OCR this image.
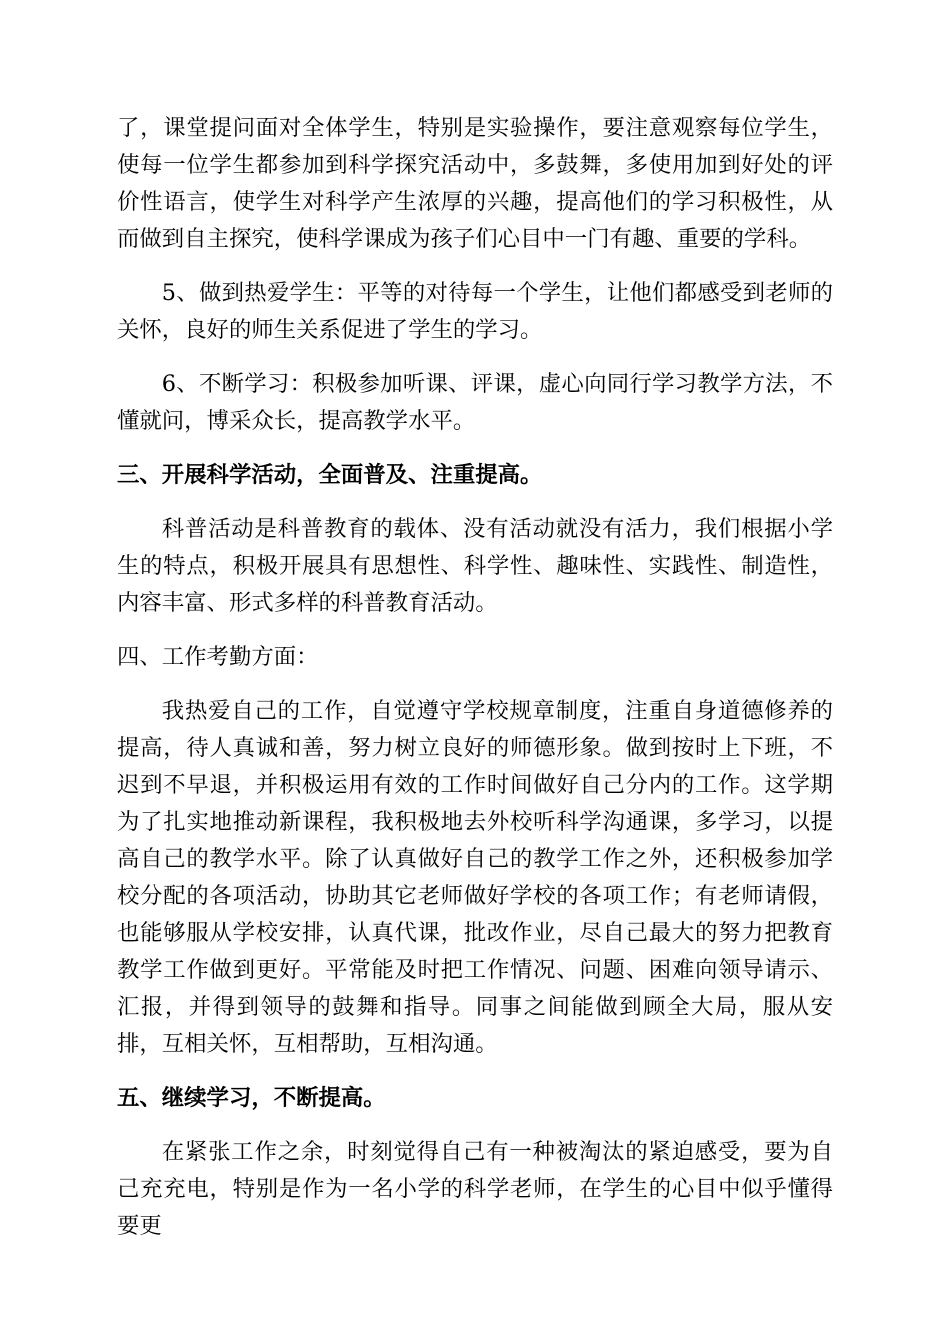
了，课堂提问面对全体学生，特别是实验操作，要注意观察每位学生，使每一位学生都参加到科学探究活动中，多鼓舞，多使用加到好处的评价性语言，使学生对科学产生浓厚的兴趣，提高他们的学习积极性，从而做到自主探究，使科学课成为孩子们心目中一门有趣、重要的学科。

5、做到热爱学生：平等的对待每一个学生，让他们都感受到老师的关怀，良好的师生关系促进了学生的学习。

6、不断学习：积极参加听课、评课，虚心向同行学习教学方法，不懂就问，博采众长，提高教学水平。

三、开展科学活动，全面普及、注重提高。

科普活动是科普教育的载体、没有活动就没有活力，我们根据小学生的特点，积极开展具有思想性、科学性、趣味性、实践性、制造性，内容丰富、形式多样的科普教育活动。

四、工作考勤方面：

我热爱自己的工作，自觉遵守学校规章制度，注重自身道德修养的提高，待人真诚和善，努力树立良好的师德形象。做到按时上下班，不迟到不早退，并积极运用有效的工作时间做好自己分内的工作。这学期为了扎实地推动新课程，我积极地去外校听科学沟通课，多学习，以提高自己的教学水平。除了认真做好自己的教学工作之外，还积极参加学校分配的各项活动，协助其它老师做好学校的各项工作；有老师请假，也能够服从学校安排，认真代课，批改作业，尽自己最大的努力把教育教学工作做到更好。平常能及时把工作情况、问题、困难向领导请示、汇报，并得到领导的鼓舞和指导。同事之间能做到顾全大局，服从安排，互相关怀，互相帮助，互相沟通。

五、继续学习，不断提高。

在紧张工作之余，时刻觉得自己有一种被淘汰的紧迫感受，要为自己充充电，特别是作为一名小学的科学老师，在学生的心目中似乎懂得要更
